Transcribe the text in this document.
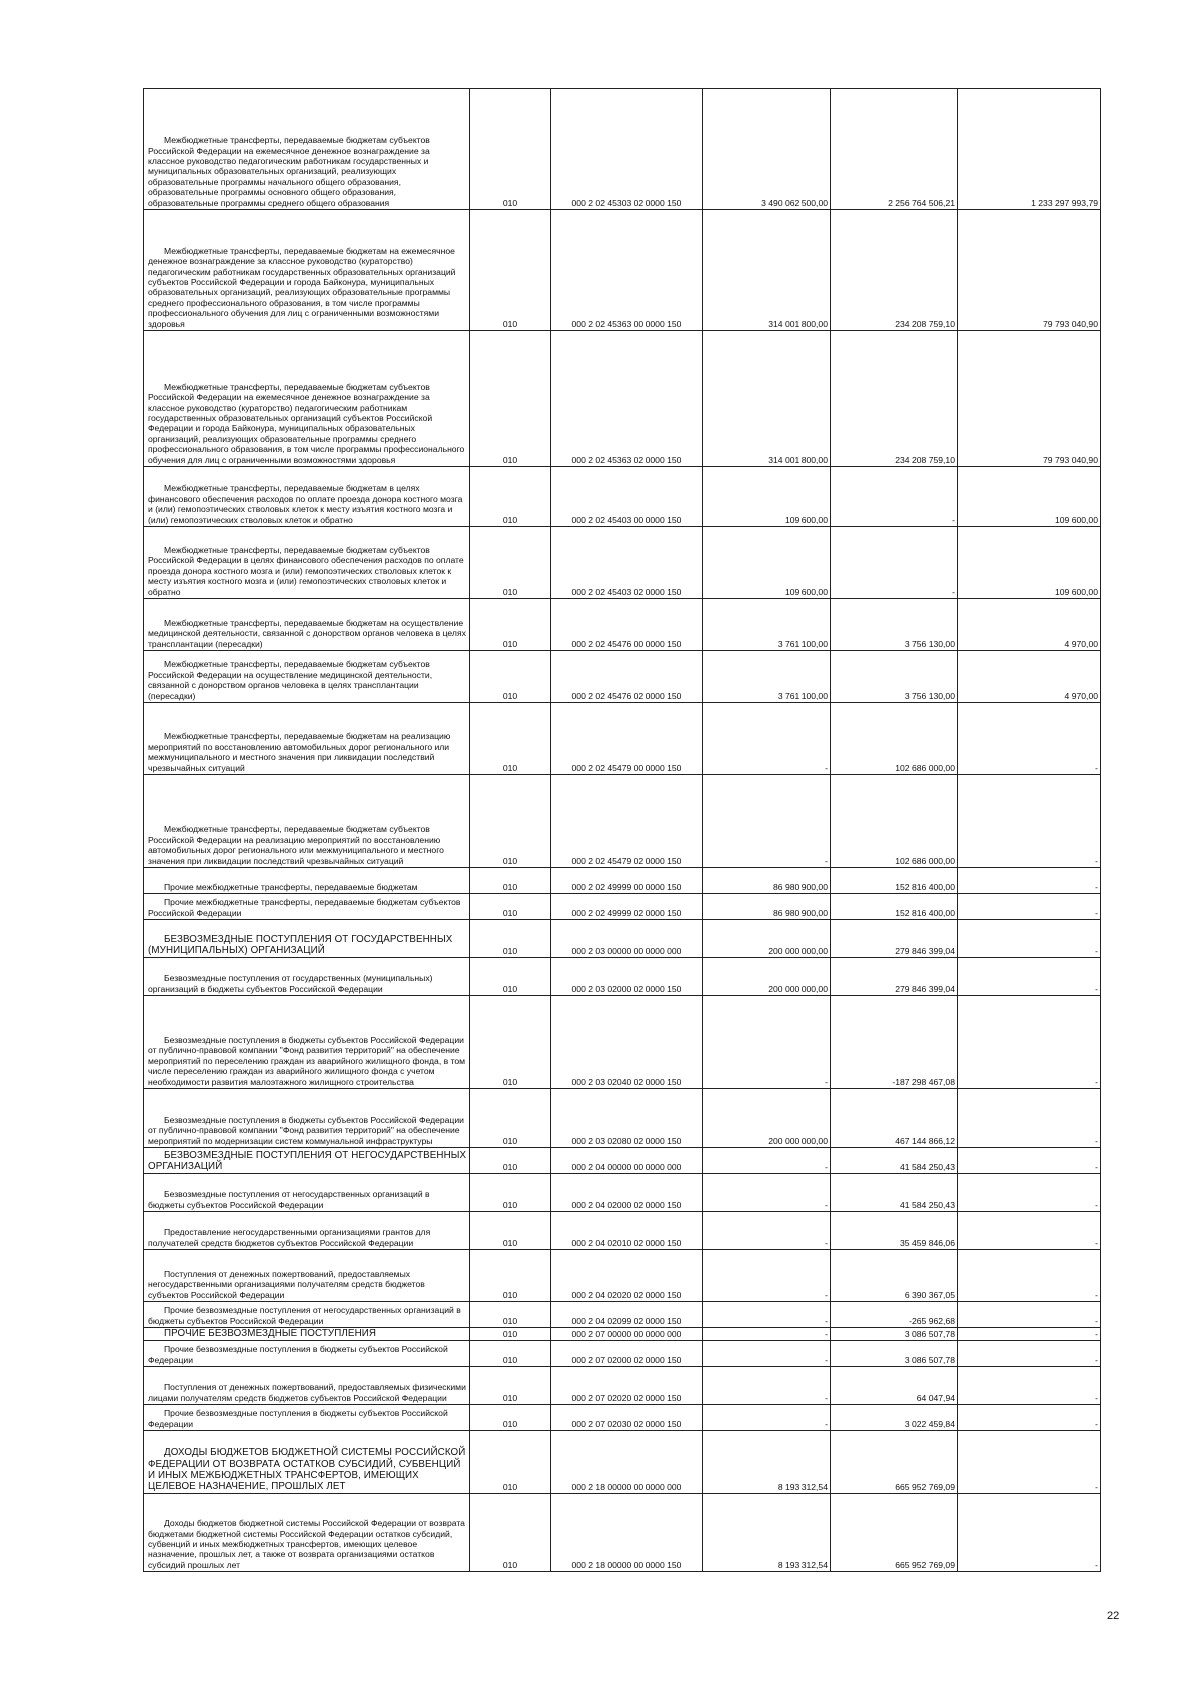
Межбюджетные трансферты, передаваемые бюджетам субъектов Российской Федерации на ежемесячное денежное вознаграждение за классное руководство педагогическим работникам государственных и муниципальных образовательных организаций, реализующих образовательные программы начального общего образования, образовательные программы основного общего образования, образовательные программы среднего общего образования	010	000 2 02 45303 02 0000 150	3 490 062 500,00	2 256 764 506,21	1 233 297 993,79
Межбюджетные трансферты, передаваемые бюджетам на ежемесячное денежное вознаграждение за классное руководство (кураторство) педагогическим работникам государственных образовательных организаций субъектов Российской Федерации и города Байконура, муниципальных образовательных организаций, реализующих образовательные программы среднего профессионального образования, в том числе программы профессионального обучения для лиц с ограниченными возможностями здоровья	010	000 2 02 45363 00 0000 150	314 001 800,00	234 208 759,10	79 793 040,90
Межбюджетные трансферты, передаваемые бюджетам субъектов Российской Федерации на ежемесячное денежное вознаграждение за классное руководство (кураторство) педагогическим работникам государственных образовательных организаций субъектов Российской Федерации и города Байконура, муниципальных образовательных организаций, реализующих образовательные программы среднего профессионального образования, в том числе программы профессионального обучения для лиц с ограниченными возможностями здоровья	010	000 2 02 45363 02 0000 150	314 001 800,00	234 208 759,10	79 793 040,90
Межбюджетные трансферты, передаваемые бюджетам в целях финансового обеспечения расходов по оплате проезда донора костного мозга и (или) гемопоэтических стволовых клеток к месту изъятия костного мозга и (или) гемопоэтических стволовых клеток и обратно	010	000 2 02 45403 00 0000 150	109 600,00	-	109 600,00
Межбюджетные трансферты, передаваемые бюджетам субъектов Российской Федерации в целях финансового обеспечения расходов по оплате проезда донора костного мозга и (или) гемопоэтических стволовых клеток к месту изъятия костного мозга и (или) гемопоэтических стволовых клеток и обратно	010	000 2 02 45403 02 0000 150	109 600,00	-	109 600,00
Межбюджетные трансферты, передаваемые бюджетам на осуществление медицинской деятельности, связанной с донорством органов человека в целях трансплантации (пересадки)	010	000 2 02 45476 00 0000 150	3 761 100,00	3 756 130,00	4 970,00
Межбюджетные трансферты, передаваемые бюджетам субъектов Российской Федерации на осуществление медицинской деятельности, связанной с донорством органов человека в целях трансплантации (пересадки)	010	000 2 02 45476 02 0000 150	3 761 100,00	3 756 130,00	4 970,00
Межбюджетные трансферты, передаваемые бюджетам на реализацию мероприятий по восстановлению автомобильных дорог регионального или межмуниципального и местного значения при ликвидации последствий чрезвычайных ситуаций	010	000 2 02 45479 00 0000 150	-	102 686 000,00	-
Межбюджетные трансферты, передаваемые бюджетам субъектов Российской Федерации на реализацию мероприятий по восстановлению автомобильных дорог регионального или межмуниципального и местного значения при ликвидации последствий чрезвычайных ситуаций	010	000 2 02 45479 02 0000 150	-	102 686 000,00	-
Прочие межбюджетные трансферты, передаваемые бюджетам	010	000 2 02 49999 00 0000 150	86 980 900,00	152 816 400,00	-
Прочие межбюджетные трансферты, передаваемые бюджетам субъектов Российской Федерации	010	000 2 02 49999 02 0000 150	86 980 900,00	152 816 400,00	-
БЕЗВОЗМЕЗДНЫЕ ПОСТУПЛЕНИЯ ОТ ГОСУДАРСТВЕННЫХ (МУНИЦИПАЛЬНЫХ) ОРГАНИЗАЦИЙ	010	000 2 03 00000 00 0000 000	200 000 000,00	279 846 399,04	-
Безвозмездные поступления от государственных (муниципальных) организаций в бюджеты субъектов Российской Федерации	010	000 2 03 02000 02 0000 150	200 000 000,00	279 846 399,04	-
Безвозмездные поступления в бюджеты субъектов Российской Федерации от публично-правовой компании "Фонд развития территорий" на обеспечение мероприятий по переселению граждан из аварийного жилищного фонда, в том числе переселению граждан из аварийного жилищного фонда с учетом необходимости развития малоэтажного жилищного строительства	010	000 2 03 02040 02 0000 150	-	-187 298 467,08	-
Безвозмездные поступления в бюджеты субъектов Российской Федерации от публично-правовой компании "Фонд развития территорий" на обеспечение мероприятий по модернизации систем коммунальной инфраструктуры	010	000 2 03 02080 02 0000 150	200 000 000,00	467 144 866,12	-
БЕЗВОЗМЕЗДНЫЕ ПОСТУПЛЕНИЯ ОТ НЕГОСУДАРСТВЕННЫХ ОРГАНИЗАЦИЙ	010	000 2 04 00000 00 0000 000	-	41 584 250,43	-
Безвозмездные поступления от негосударственных организаций в бюджеты субъектов Российской Федерации	010	000 2 04 02000 02 0000 150	-	41 584 250,43	-
Предоставление негосударственными организациями грантов для получателей средств бюджетов субъектов Российской Федерации	010	000 2 04 02010 02 0000 150	-	35 459 846,06	-
Поступления от денежных пожертвований, предоставляемых негосударственными организациями получателям средств бюджетов субъектов Российской Федерации	010	000 2 04 02020 02 0000 150	-	6 390 367,05	-
Прочие безвозмездные поступления от негосударственных организаций в бюджеты субъектов Российской Федерации	010	000 2 04 02099 02 0000 150	-	-265 962,68	-
ПРОЧИЕ БЕЗВОЗМЕЗДНЫЕ ПОСТУПЛЕНИЯ	010	000 2 07 00000 00 0000 000	-	3 086 507,78	-
Прочие безвозмездные поступления в бюджеты субъектов Российской Федерации	010	000 2 07 02000 02 0000 150	-	3 086 507,78	-
Поступления от денежных пожертвований, предоставляемых физическими лицами получателям средств бюджетов субъектов Российской Федерации	010	000 2 07 02020 02 0000 150	-	64 047,94	-
Прочие безвозмездные поступления в бюджеты субъектов Российской Федерации	010	000 2 07 02030 02 0000 150	-	3 022 459,84	-
ДОХОДЫ БЮДЖЕТОВ БЮДЖЕТНОЙ СИСТЕМЫ РОССИЙСКОЙ ФЕДЕРАЦИИ ОТ ВОЗВРАТА ОСТАТКОВ СУБСИДИЙ, СУБВЕНЦИЙ И ИНЫХ МЕЖБЮДЖЕТНЫХ ТРАНСФЕРТОВ, ИМЕЮЩИХ ЦЕЛЕВОЕ НАЗНАЧЕНИЕ, ПРОШЛЫХ ЛЕТ	010	000 2 18 00000 00 0000 000	8 193 312,54	665 952 769,09	-
Доходы бюджетов бюджетной системы Российской Федерации от возврата бюджетами бюджетной системы Российской Федерации остатков субсидий, субвенций и иных межбюджетных трансфертов, имеющих целевое назначение, прошлых лет, а также от возврата организациями остатков субсидий прошлых лет	010	000 2 18 00000 00 0000 150	8 193 312,54	665 952 769,09	-
22
